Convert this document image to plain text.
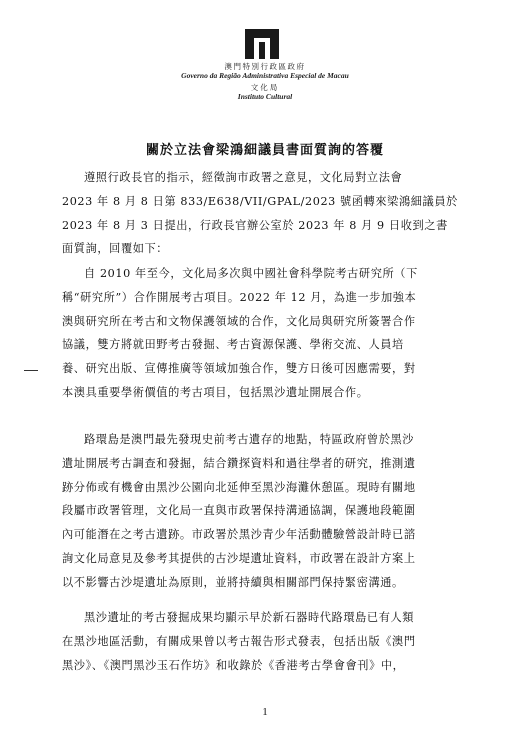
澳門特別行政區政府
Governo da Região Administrativa Especial de Macau
文化局
Instituto Cultural
關於立法會梁鴻細議員書面質詢的答覆
遵照行政長官的指示，經徵詢市政署之意見，文化局對立法會
2023 年 8 月 8 日第 833/E638/VII/GPAL/2023 號函轉來梁鴻細議員於
2023 年 8 月 3 日提出，行政長官辦公室於 2023 年 8 月 9 日收到之書
面質詢，回覆如下：
自 2010 年至今，文化局多次與中國社會科學院考古研究所（下
稱“研究所”）合作開展考古項目。2022 年 12 月，為進一步加強本
澳與研究所在考古和文物保護領域的合作，文化局與研究所簽署合作
協議，雙方將就田野考古發掘、考古資源保護、學術交流、人員培
養、研究出版、宣傳推廣等領域加強合作，雙方日後可因應需要，對
本澳具重要學術價值的考古項目，包括黑沙遺址開展合作。
路環島是澳門最先發現史前考古遺存的地點，特區政府曾於黑沙
遺址開展考古調查和發掘，結合鑽探資料和過往學者的研究，推測遺
跡分佈或有機會由黑沙公園向北延伸至黑沙海灘休憩區。現時有關地
段屬市政署管理，文化局一直與市政署保持溝通協調，保護地段範圍
內可能潛在之考古遺跡。市政署於黑沙青少年活動體驗營設計時已諮
詢文化局意見及參考其提供的古沙堤遺址資料，市政署在設計方案上
以不影響古沙堤遺址為原則，並將持續與相關部門保持緊密溝通。
黑沙遺址的考古發掘成果均顯示早於新石器時代路環島已有人類
在黑沙地區活動，有關成果曾以考古報告形式發表，包括出版《澳門
黑沙》、《澳門黑沙玉石作坊》和收錄於《香港考古學會會刊》中，
1
